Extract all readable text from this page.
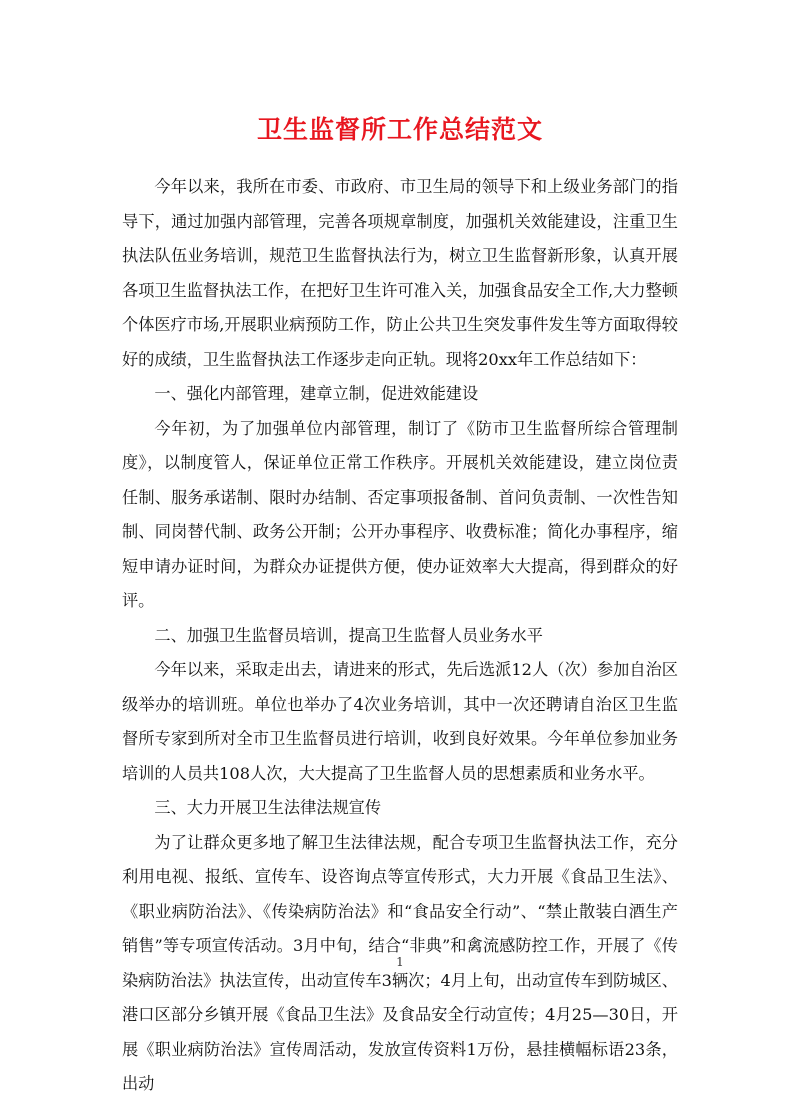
卫生监督所工作总结范文

今年以来，我所在市委、市政府、市卫生局的领导下和上级业务部门的指导下，通过加强内部管理，完善各项规章制度，加强机关效能建设，注重卫生执法队伍业务培训，规范卫生监督执法行为，树立卫生监督新形象，认真开展各项卫生监督执法工作，在把好卫生许可准入关，加强食品安全工作,大力整顿个体医疗市场,开展职业病预防工作，防止公共卫生突发事件发生等方面取得较好的成绩，卫生监督执法工作逐步走向正轨。现将20xx年工作总结如下：

一、强化内部管理，建章立制，促进效能建设

今年初，为了加强单位内部管理，制订了《防市卫生监督所综合管理制度》，以制度管人，保证单位正常工作秩序。开展机关效能建设，建立岗位责任制、服务承诺制、限时办结制、否定事项报备制、首问负责制、一次性告知制、同岗替代制、政务公开制；公开办事程序、收费标准；简化办事程序，缩短申请办证时间，为群众办证提供方便，使办证效率大大提高，得到群众的好评。

二、加强卫生监督员培训，提高卫生监督人员业务水平

今年以来，采取走出去，请进来的形式，先后选派12人（次）参加自治区级举办的培训班。单位也举办了4次业务培训，其中一次还聘请自治区卫生监督所专家到所对全市卫生监督员进行培训，收到良好效果。今年单位参加业务培训的人员共108人次，大大提高了卫生监督人员的思想素质和业务水平。

三、大力开展卫生法律法规宣传

为了让群众更多地了解卫生法律法规，配合专项卫生监督执法工作，充分利用电视、报纸、宣传车、设咨询点等宣传形式，大力开展《食品卫生法》、《职业病防治法》、《传染病防治法》和“食品安全行动”、“禁止散装白酒生产销售”等专项宣传活动。3月中旬，结合“非典”和禽流感防控工作，开展了《传染病防治法》执法宣传，出动宣传车3辆次；4月上旬，出动宣传车到防城区、港口区部分乡镇开展《食品卫生法》及食品安全行动宣传；4月25—30日，开展《职业病防治法》宣传周活动，发放宣传资料1万份，悬挂横幅标语23条，出动

1
